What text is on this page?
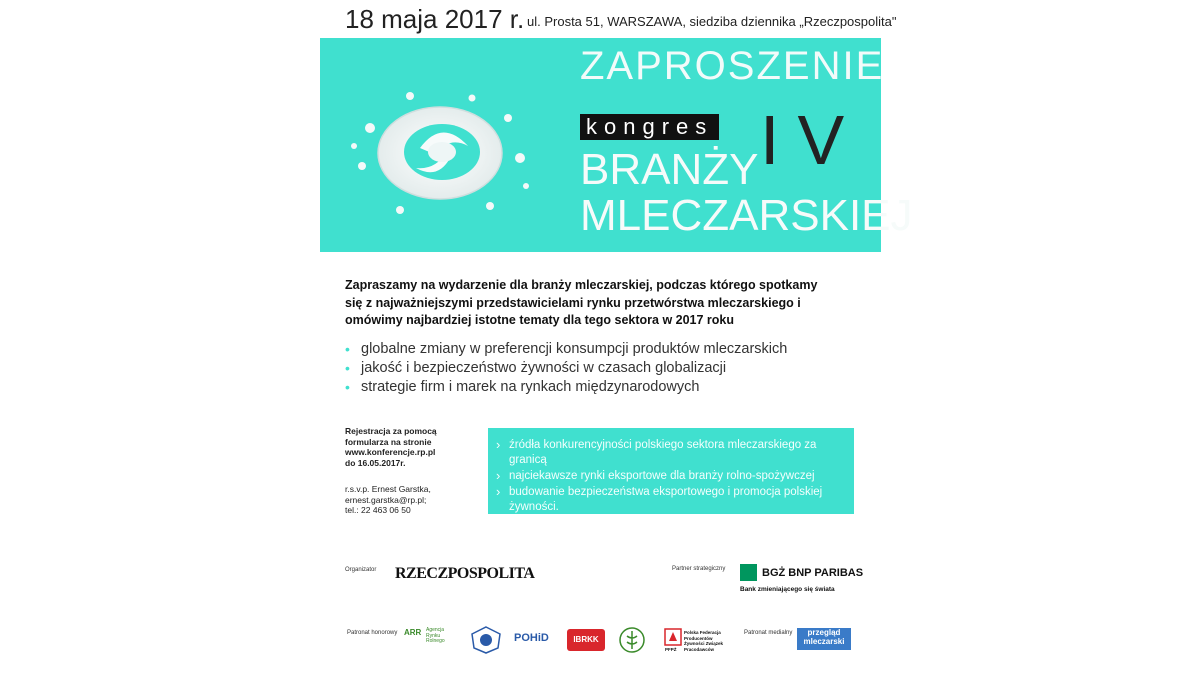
18 maja 2017 r. ul. Prosta 51, WARSZAWA, siedziba dziennika „Rzeczpospolita"
ZAPROSZENIE
kongres IV
BRANŻY
MLECZARSKIEJ
Zapraszamy na wydarzenie dla branży mleczarskiej, podczas którego spotkamy się z najważniejszymi przedstawicielami rynku przetwórstwa mleczarskiego i omówimy najbardziej istotne tematy dla tego sektora w 2017 roku
• globalne zmiany w preferencji konsumpcji produktów mleczarskich
• jakość i bezpieczeństwo żywności w czasach globalizacji
• strategie firm i marek na rynkach międzynarodowych
Rejestracja za pomocą
formularza na stronie
www.konferencje.rp.pl
do 16.05.2017r.
r.s.v.p. Ernest Garstka,
ernest.garstka@rp.pl;
tel.: 22 463 06 50
› źródła konkurencyjności polskiego sektora mleczarskiego za granicą
› najciekawsze rynki eksportowe dla branży rolno-spożywczej
› budowanie bezpieczeństwa eksportowego i promocja polskiej żywności.
Organizator RZECZPOSPOLITA	Partner strategiczny	BGŻ BNP PARIBAS
Bank zmieniającego się świata
Patronat honorowy ARR Agencja Rynku Rolnego	POHiD	IBRKK
Polska Federacja Producentów Żywności Związek Pracodawców
PFPŻ
Patronat medialny	przegląd mleczarski
